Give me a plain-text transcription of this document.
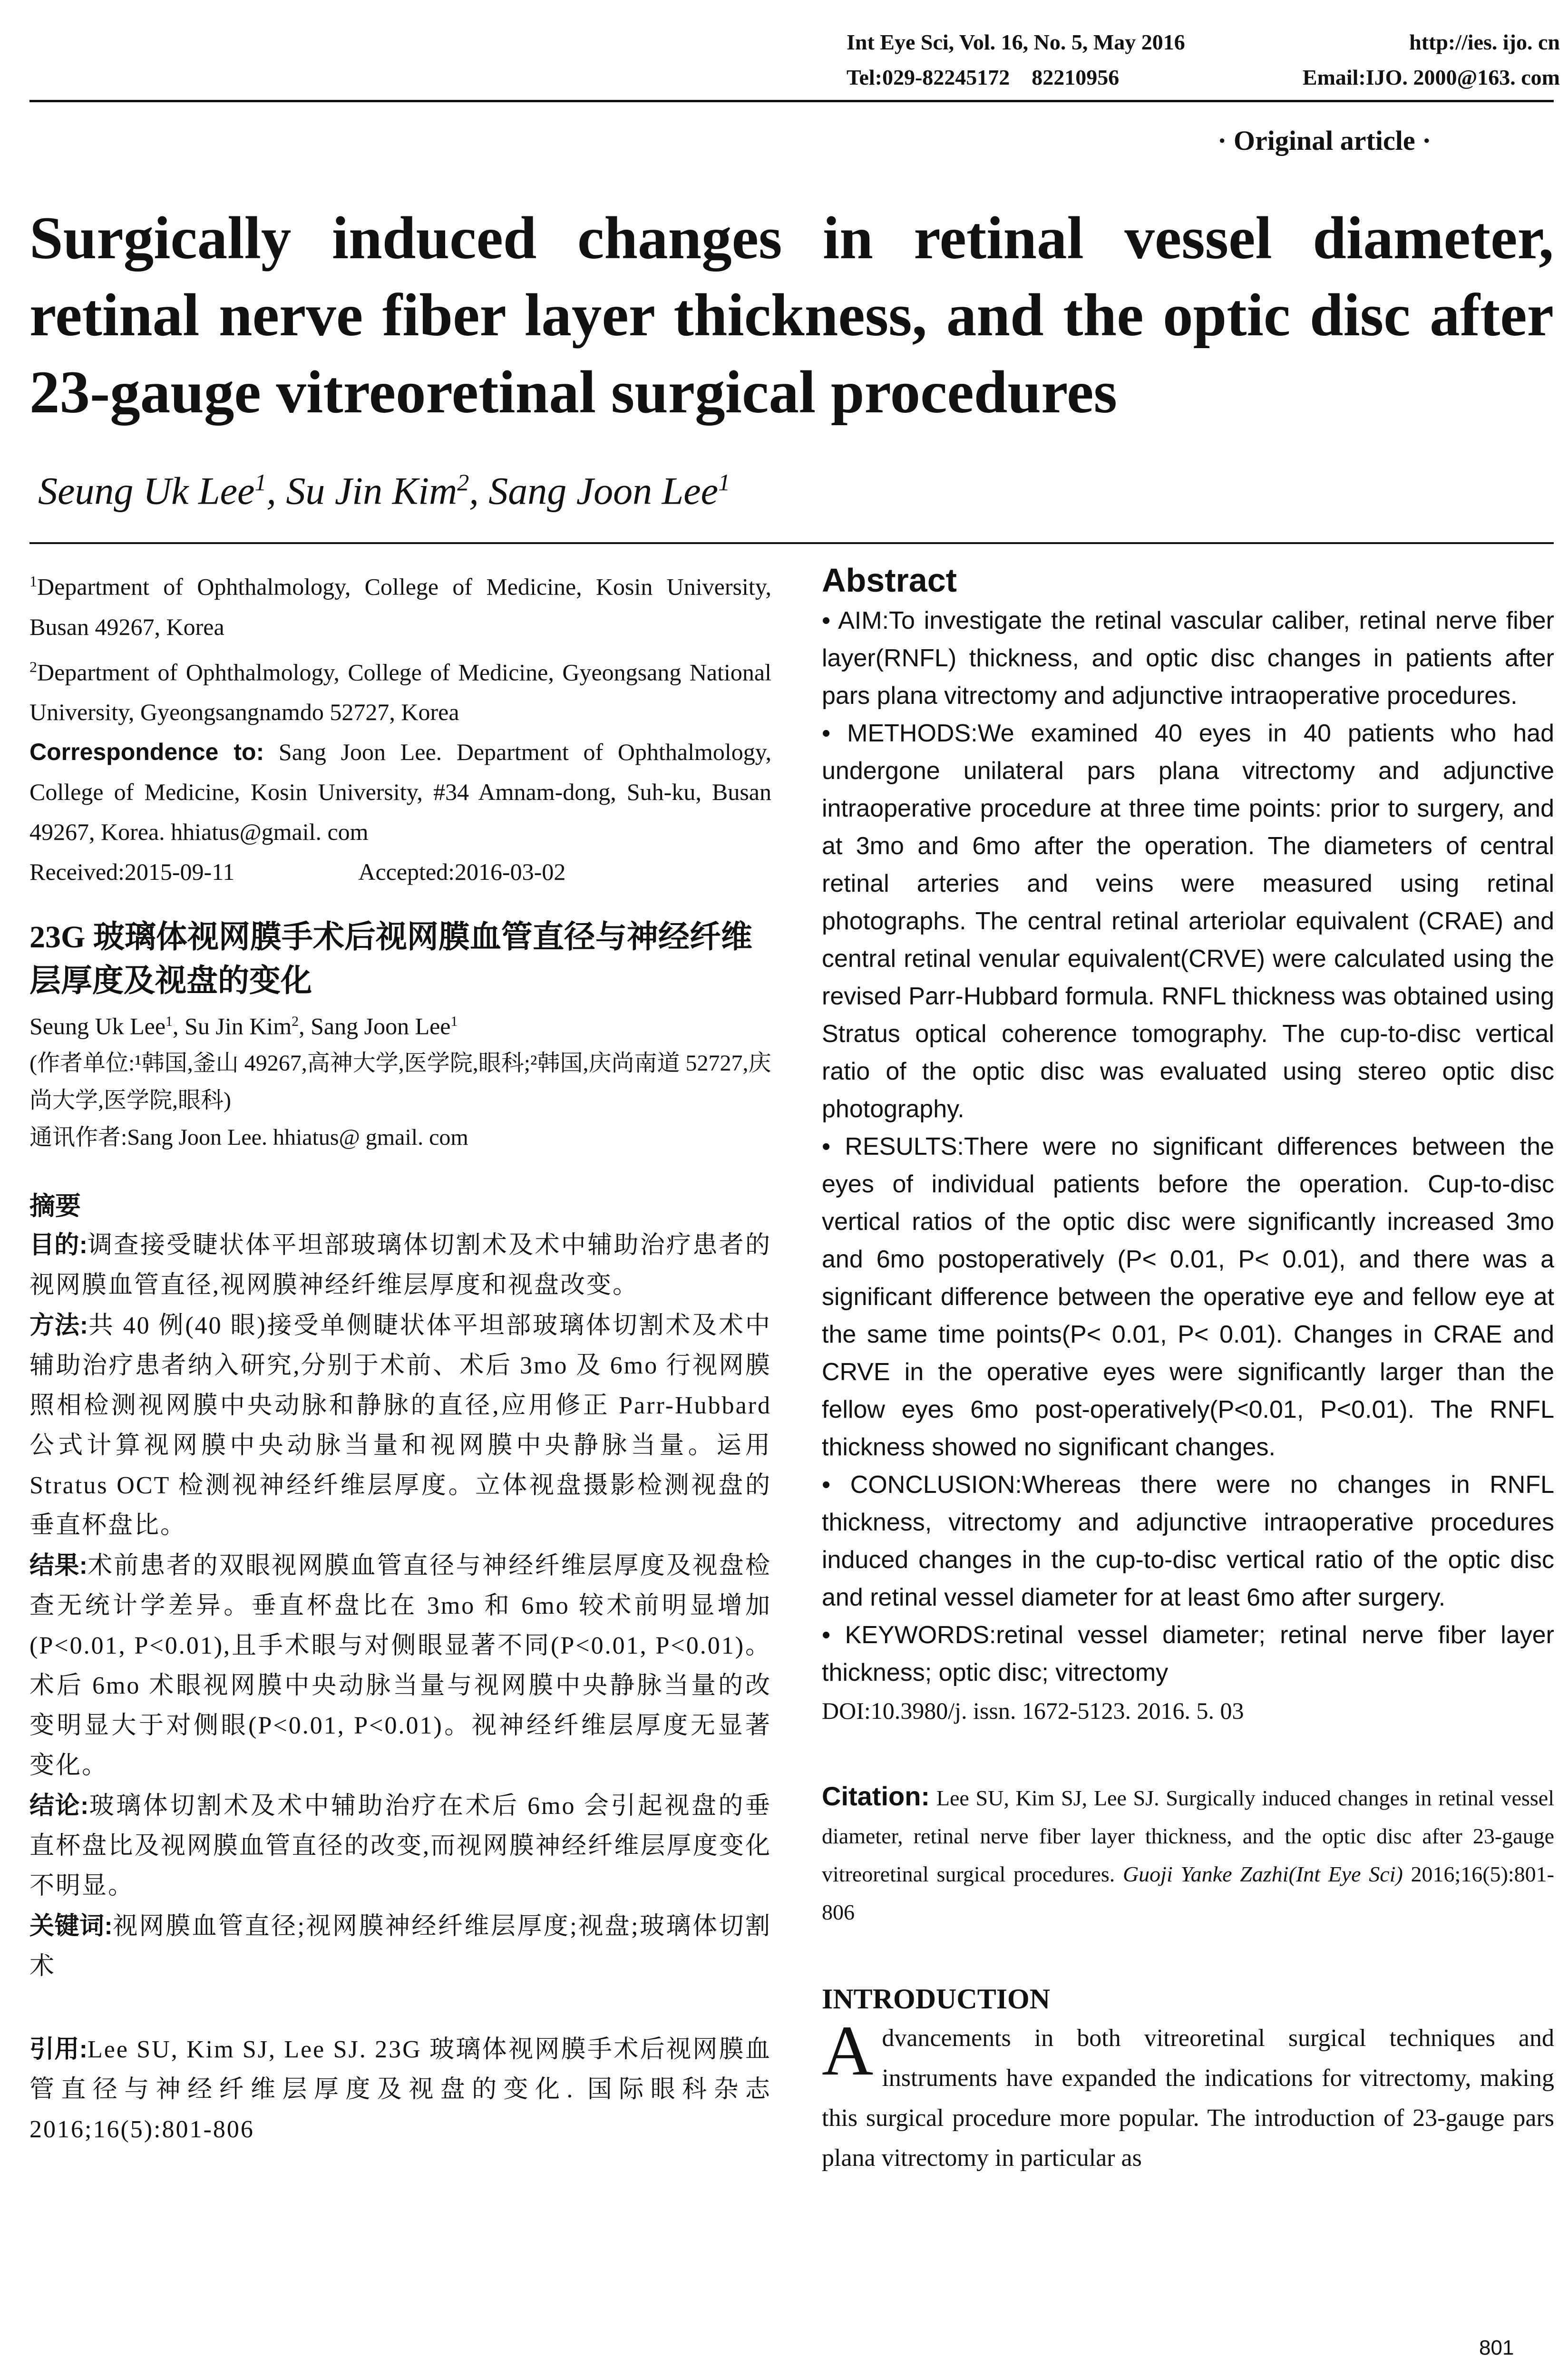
Int Eye Sci, Vol. 16, No. 5, May 2016	http://ies. ijo. cn
Tel:029-82245172　82210956	Email:IJO. 2000@163. com
· Original article ·
Surgically induced changes in retinal vessel diameter, retinal nerve fiber layer thickness, and the optic disc after 23-gauge vitreoretinal surgical procedures
Seung Uk Lee$^1$, Su Jin Kim$^2$, Sang Joon Lee$^1$

$^1$Department of Ophthalmology, College of Medicine, Kosin University, Busan 49267, Korea

$^2$Department of Ophthalmology, College of Medicine, Gyeongsang National University, Gyeongsangnamdo 52727, Korea

Correspondence to: Sang Joon Lee. Department of Ophthalmology, College of Medicine, Kosin University, #34 Amnam-dong, Suh-ku, Busan 49267, Korea. hhiatus@gmail. com

Received:2015-09-11	Accepted:2016-03-02

23G 玻璃体视网膜手术后视网膜血管直径与神经纤维层厚度及视盘的变化

Seung Uk Lee$^1$, Su Jin Kim$^2$, Sang Joon Lee$^1$

(作者单位:¹韩国,釜山 49267,高神大学,医学院,眼科;²韩国,庆尚南道 52727,庆尚大学,医学院,眼科)

通讯作者:Sang Joon Lee. hhiatus@ gmail. com

摘要

目的:调查接受睫状体平坦部玻璃体切割术及术中辅助治疗患者的视网膜血管直径,视网膜神经纤维层厚度和视盘改变。

方法:共 40 例(40 眼)接受单侧睫状体平坦部玻璃体切割术及术中辅助治疗患者纳入研究,分别于术前、术后 3mo 及 6mo 行视网膜照相检测视网膜中央动脉和静脉的直径,应用修正 Parr-Hubbard 公式计算视网膜中央动脉当量和视网膜中央静脉当量。运用 Stratus OCT 检测视神经纤维层厚度。立体视盘摄影检测视盘的垂直杯盘比。

结果:术前患者的双眼视网膜血管直径与神经纤维层厚度及视盘检查无统计学差异。垂直杯盘比在 3mo 和 6mo 较术前明显增加(P<0.01, P<0.01),且手术眼与对侧眼显著不同(P<0.01, P<0.01)。术后 6mo 术眼视网膜中央动脉当量与视网膜中央静脉当量的改变明显大于对侧眼(P<0.01, P<0.01)。视神经纤维层厚度无显著变化。

结论:玻璃体切割术及术中辅助治疗在术后 6mo 会引起视盘的垂直杯盘比及视网膜血管直径的改变,而视网膜神经纤维层厚度变化不明显。

关键词:视网膜血管直径;视网膜神经纤维层厚度;视盘;玻璃体切割术

引用:Lee SU, Kim SJ, Lee SJ. 23G 玻璃体视网膜手术后视网膜血管直径与神经纤维层厚度及视盘的变化. 国际眼科杂志 2016;16(5):801-806

Abstract

• AIM:To investigate the retinal vascular caliber, retinal nerve fiber layer(RNFL) thickness, and optic disc changes in patients after pars plana vitrectomy and adjunctive intraoperative procedures.

• METHODS:We examined 40 eyes in 40 patients who had undergone unilateral pars plana vitrectomy and adjunctive intraoperative procedure at three time points: prior to surgery, and at 3mo and 6mo after the operation. The diameters of central retinal arteries and veins were measured using retinal photographs. The central retinal arteriolar equivalent (CRAE) and central retinal venular equivalent(CRVE) were calculated using the revised Parr-Hubbard formula. RNFL thickness was obtained using Stratus optical coherence tomography. The cup-to-disc vertical ratio of the optic disc was evaluated using stereo optic disc photography.

• RESULTS:There were no significant differences between the eyes of individual patients before the operation. Cup-to-disc vertical ratios of the optic disc were significantly increased 3mo and 6mo postoperatively (P< 0.01, P< 0.01), and there was a significant difference between the operative eye and fellow eye at the same time points(P< 0.01, P< 0.01). Changes in CRAE and CRVE in the operative eyes were significantly larger than the fellow eyes 6mo post-operatively(P<0.01, P<0.01). The RNFL thickness showed no significant changes.

• CONCLUSION:Whereas there were no changes in RNFL thickness, vitrectomy and adjunctive intraoperative procedures induced changes in the cup-to-disc vertical ratio of the optic disc and retinal vessel diameter for at least 6mo after surgery.

• KEYWORDS:retinal vessel diameter; retinal nerve fiber layer thickness; optic disc; vitrectomy

DOI:10.3980/j. issn. 1672-5123. 2016. 5. 03

Citation: Lee SU, Kim SJ, Lee SJ. Surgically induced changes in retinal vessel diameter, retinal nerve fiber layer thickness, and the optic disc after 23-gauge vitreoretinal surgical procedures. Guoji Yanke Zazhi(Int Eye Sci) 2016;16(5):801-806

INTRODUCTION

Advancements in both vitreoretinal surgical techniques and instruments have expanded the indications for vitrectomy, making this surgical procedure more popular. The introduction of 23-gauge pars plana vitrectomy in particular as

801
